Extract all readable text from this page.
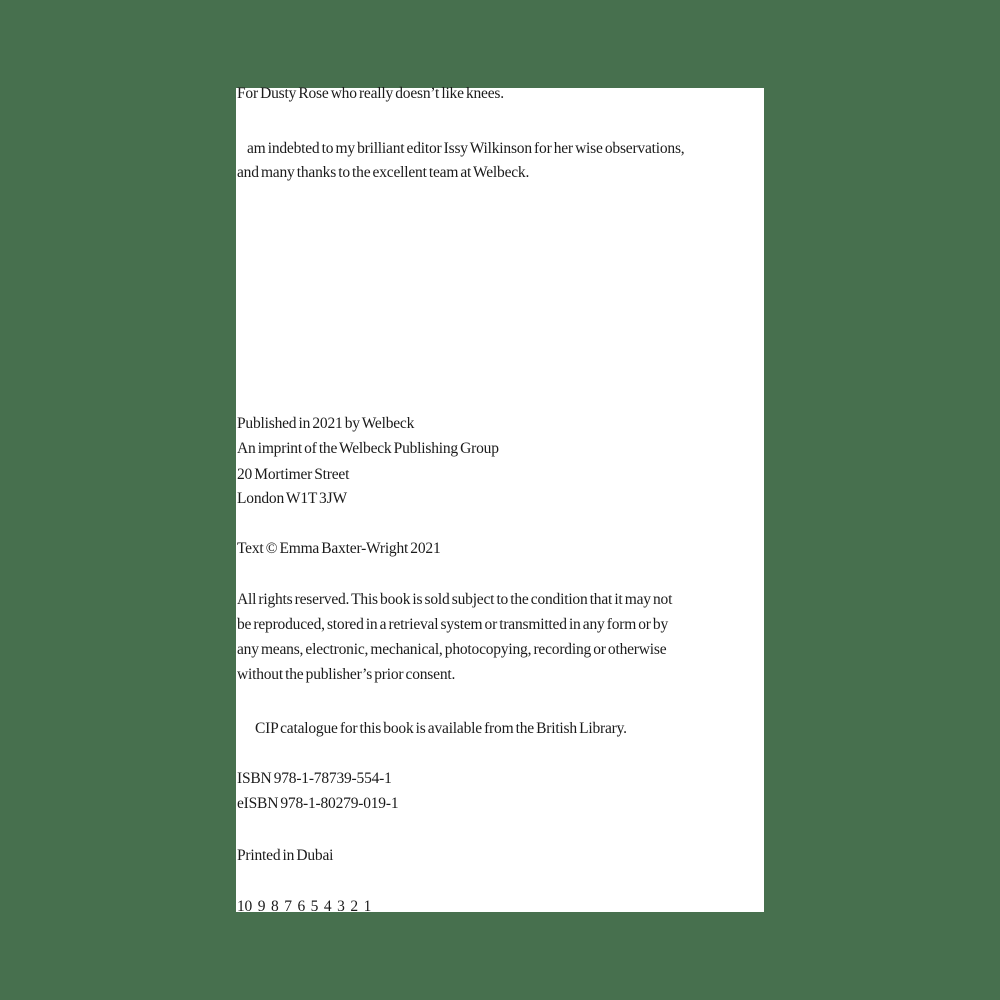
For Dusty Rose who really doesn’t like knees.
am indebted to my brilliant editor Issy Wilkinson for her wise observations,
and many thanks to the excellent team at Welbeck.
Published in 2021 by Welbeck
An imprint of the Welbeck Publishing Group
20 Mortimer Street
London W1T 3JW
Text © Emma Baxter-Wright 2021
All rights reserved. This book is sold subject to the condition that it may not
be reproduced, stored in a retrieval system or transmitted in any form or by
any means, electronic, mechanical, photocopying, recording or otherwise
without the publisher’s prior consent.
CIP catalogue for this book is available from the British Library.
ISBN 978-1-78739-554-1
eISBN 978-1-80279-019-1
Printed in Dubai
10 9 8 7 6 5 4 3 2 1
